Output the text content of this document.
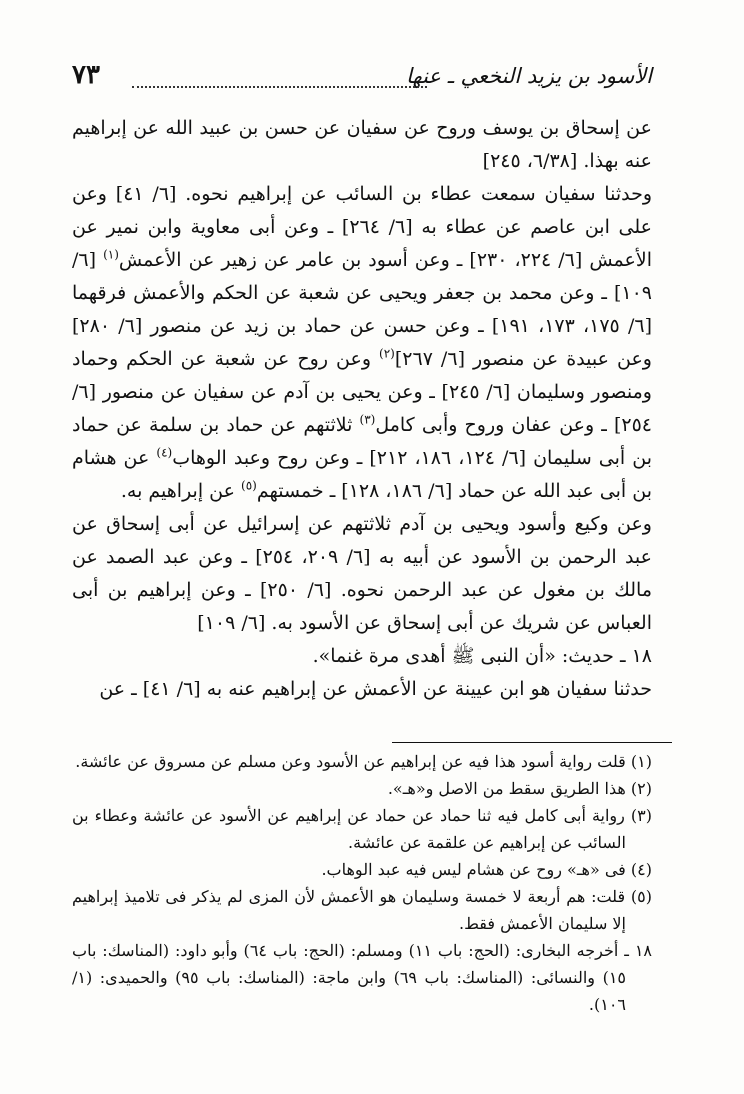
الأسود بن يزيد النخعي ـ عنها
٧٣

عن إسحاق بن يوسف وروح عن سفيان عن حسن بن عبيد الله عن إبراهيم عنه بهذا. [٦/٣٨، ٢٤٥]

وحدثنا سفيان سمعت عطاء بن السائب عن إبراهيم نحوه. [٦/ ٤١] وعن على ابن عاصم عن عطاء به [٦/ ٢٦٤] ـ وعن أبى معاوية وابن نمير عن الأعمش [٦/ ٢٢٤، ٢٣٠] ـ وعن أسود بن عامر عن زهير عن الأعمش$^{(١)}$ [٦/ ١٠٩] ـ وعن محمد بن جعفر ويحيى عن شعبة عن الحكم والأعمش فرقهما [٦/ ١٧٥، ١٧٣، ١٩١] ـ وعن حسن عن حماد بن زيد عن منصور [٦/ ٢٨٠] وعن عبيدة عن منصور [٦/ ٢٦٧]$^{(٢)}$ وعن روح عن شعبة عن الحكم وحماد ومنصور وسليمان [٦/ ٢٤٥] ـ وعن يحيى بن آدم عن سفيان عن منصور [٦/ ٢٥٤] ـ وعن عفان وروح وأبى كامل$^{(٣)}$ ثلاثتهم عن حماد بن سلمة عن حماد بن أبى سليمان [٦/ ١٢٤، ١٨٦، ٢١٢] ـ وعن روح وعبد الوهاب$^{(٤)}$ عن هشام بن أبى عبد الله عن حماد [٦/ ١٨٦، ١٢٨] ـ خمستهم$^{(٥)}$ عن إبراهيم به.

وعن وكيع وأسود ويحيى بن آدم ثلاثتهم عن إسرائيل عن أبى إسحاق عن عبد الرحمن بن الأسود عن أبيه به [٦/ ٢٠٩، ٢٥٤] ـ وعن عبد الصمد عن مالك بن مغول عن عبد الرحمن نحوه. [٦/ ٢٥٠] ـ وعن إبراهيم بن أبى العباس عن شريك عن أبى إسحاق عن الأسود به. [٦/ ١٠٩]

١٨ ـ حديث: «أن النبى ﷺ أهدى مرة غنما».

حدثنا سفيان هو ابن عيينة عن الأعمش عن إبراهيم عنه به [٦/ ٤١] ـ عن

(١) قلت رواية أسود هذا فيه عن إبراهيم عن الأسود وعن مسلم عن مسروق عن عائشة.

(٢) هذا الطريق سقط من الاصل و«هـ».

(٣) رواية أبى كامل فيه ثنا حماد عن حماد عن إبراهيم عن الأسود عن عائشة وعطاء بن السائب عن إبراهيم عن علقمة عن عائشة.

(٤) فى «هـ» روح عن هشام ليس فيه عبد الوهاب.

(٥) قلت: هم أربعة لا خمسة وسليمان هو الأعمش لأن المزى لم يذكر فى تلاميذ إبراهيم إلا سليمان الأعمش فقط.

١٨ ـ أخرجه البخارى: (الحج: باب ١١) ومسلم: (الحج: باب ٦٤) وأبو داود: (المناسك: باب ١٥) والنسائى: (المناسك: باب ٦٩) وابن ماجة: (المناسك: باب ٩٥) والحميدى: (١/ ١٠٦).
